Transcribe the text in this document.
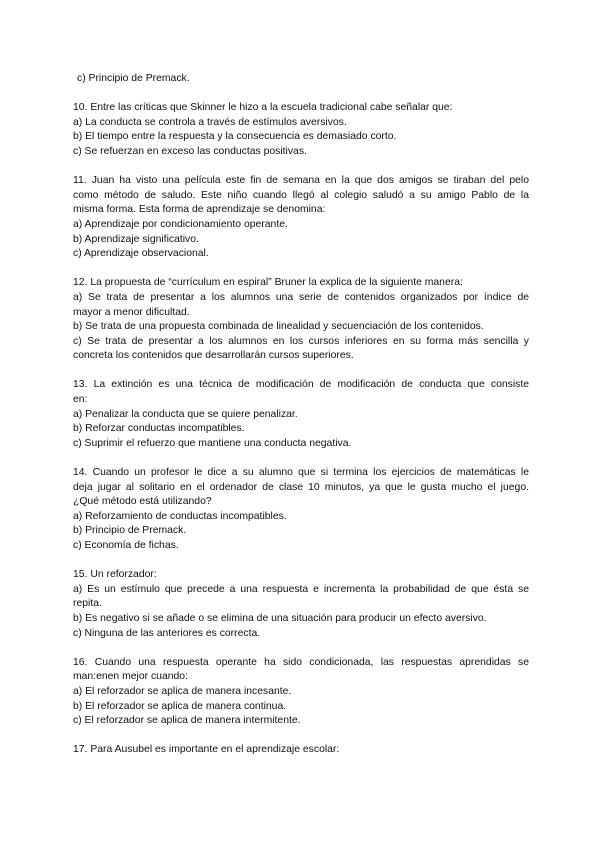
c) Principio de Premack.
10. Entre las críticas que Skinner le hizo a la escuela tradicional cabe señalar que:
a) La conducta se controla a través de estímulos aversivos.
b) El tiempo entre la respuesta y la consecuencia es demasiado corto.
c) Se refuerzan en exceso las conductas positivas.
11. Juan ha visto una película este fin de semana en la que dos amigos se tiraban del pelo
como método de saludo. Este niño cuando llegó al colegio saludó a su amigo Pablo de la
misma forma. Esta forma de aprendizaje se denomina:
a) Aprendizaje por condicionamiento operante.
b) Aprendizaje significativo.
c) Aprendizaje observacional.
12. La propuesta de “currículum en espiral” Bruner la explica de la siguiente manera:
a) Se trata de presentar a los alumnos una serie de contenidos organizados por índice de
mayor a menor dificultad.
b) Se trata de una propuesta combinada de linealidad y secuenciación de los contenidos.
c) Se trata de presentar a los alumnos en los cursos inferiores en su forma más sencilla y
concreta los contenidos que desarrollarán cursos superiores.
13. La extinción es una técnica de modificación de modificación de conducta que consiste
en:
a) Penalizar la conducta que se quiere penalizar.
b) Reforzar conductas incompatibles.
c) Suprimir el refuerzo que mantiene una conducta negativa.
14. Cuando un profesor le dice a su alumno que si termina los ejercicios de matemáticas le
deja jugar al solitario en el ordenador de clase 10 minutos, ya que le gusta mucho el juego.
¿Qué método está utilizando?
a) Reforzamiento de conductas incompatibles.
b) Principio de Premack.
c) Economía de fichas.
15. Un reforzador:
a) Es un estímulo que precede a una respuesta e incrementa la probabilidad de que ésta se
repita.
b) Es negativo si se añade o se elimina de una situación para producir un efecto aversivo.
c) Ninguna de las anteriores es correcta.
16. Cuando una respuesta operante ha sido condicionada, las respuestas aprendidas se
man:enen mejor cuando:
a) El reforzador se aplica de manera incesante.
b) El reforzador se aplica de manera continua.
c) El reforzador se aplica de manera intermitente.
17. Para Ausubel es importante en el aprendizaje escolar:
